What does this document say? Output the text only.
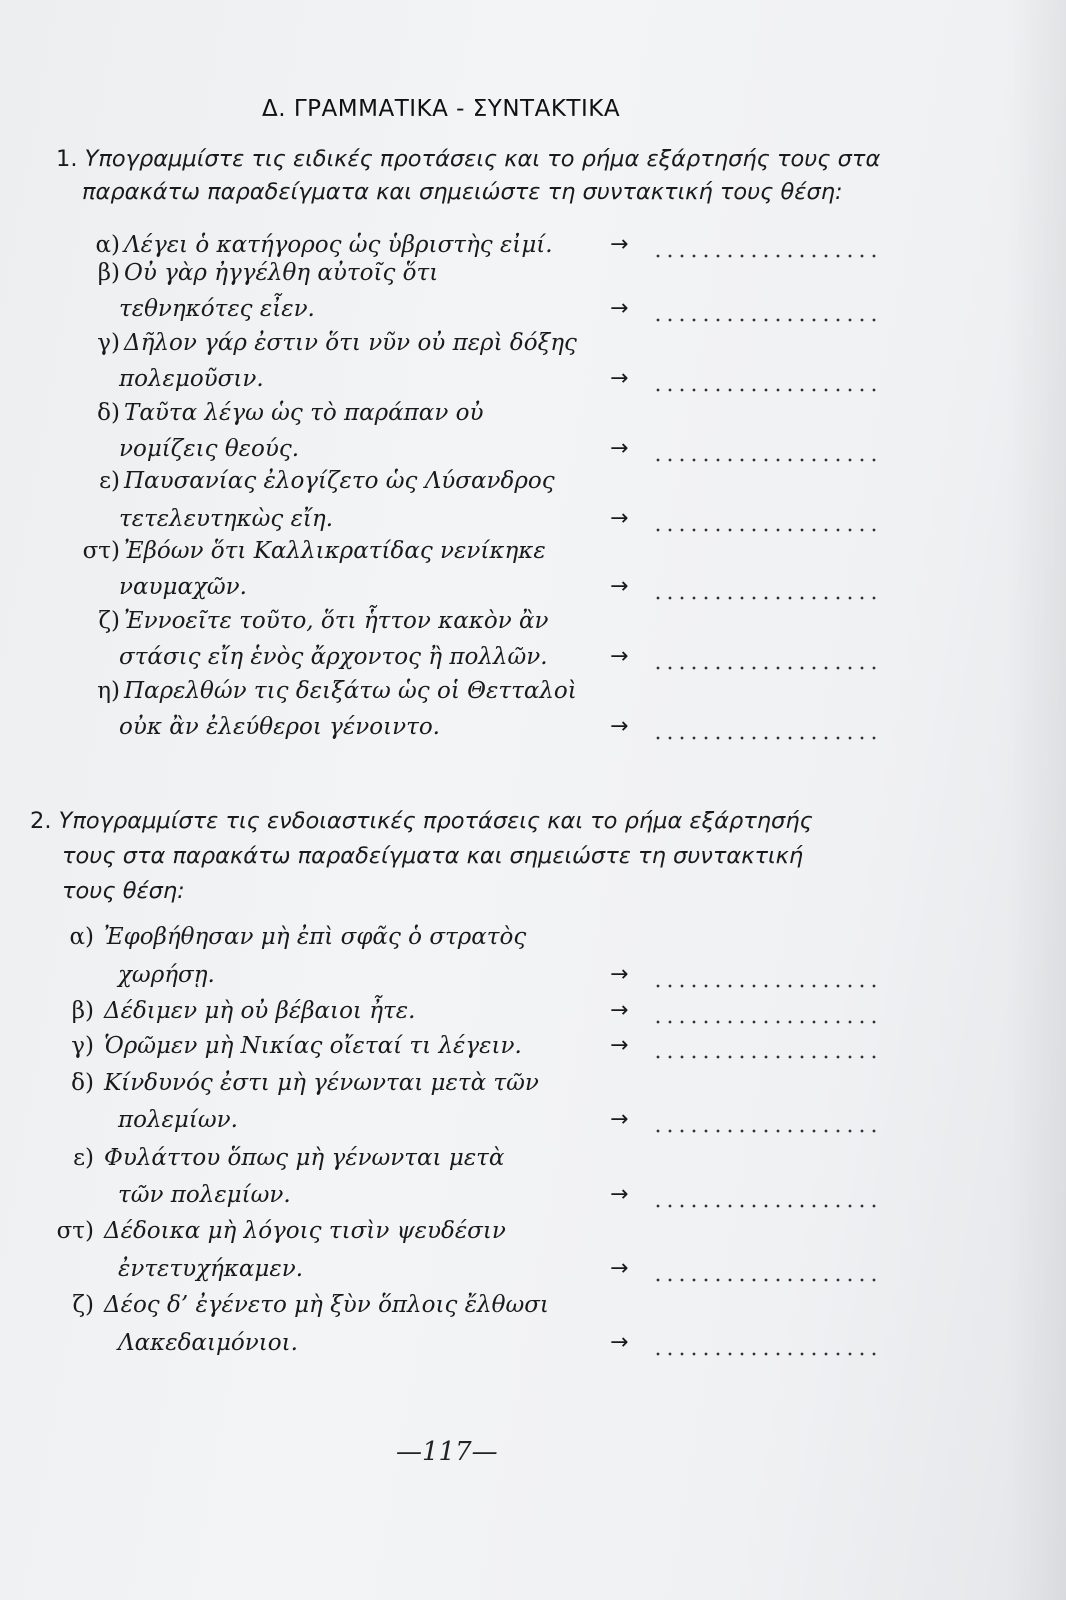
Δ. ΓΡΑΜΜΑΤΙΚΑ - ΣΥΝΤΑΚΤΙΚΑ
1. Υπογραμμίστε τις ειδικές προτάσεις και το ρήμα εξάρτησής τους στα
παρακάτω παραδείγματα και σημειώστε τη συντακτική τους θέση:
α) Λέγει ὁ κατήγορος ὡς ὑβριστὴς εἰμί.	→
β) Οὐ γὰρ ἠγγέλθη αὐτοῖς ὅτι
τεθνηκότες εἶεν.	→
γ) Δῆλον γάρ ἐστιν ὅτι νῦν οὐ περὶ δόξης
πολεμοῦσιν.	→
δ) Ταῦτα λέγω ὡς τὸ παράπαν οὐ
νομίζεις θεούς.	→
ε) Παυσανίας ἐλογίζετο ὡς Λύσανδρος
τετελευτηκὼς εἴη.	→
στ) Ἐβόων ὅτι Καλλικρατίδας νενίκηκε
ναυμαχῶν.	→
ζ) Ἐννοεῖτε τοῦτο, ὅτι ἧττον κακὸν ἂν
στάσις εἴη ἑνὸς ἄρχοντος ἢ πολλῶν.	→
η) Παρελθών τις δειξάτω ὡς οἱ Θετταλοὶ
οὐκ ἂν ἐλεύθεροι γένοιντο.	→
2. Υπογραμμίστε τις ενδοιαστικές προτάσεις και το ρήμα εξάρτησής
τους στα παρακάτω παραδείγματα και σημειώστε τη συντακτική
τους θέση:
α) Ἐφοβήθησαν μὴ ἐπὶ σφᾶς ὁ στρατὸς
χωρήσῃ.	→
β) Δέδιμεν μὴ οὐ βέβαιοι ἦτε.	→
γ) Ὁρῶμεν μὴ Νικίας οἴεταί τι λέγειν.	→
δ) Κίνδυνός ἐστι μὴ γένωνται μετὰ τῶν
πολεμίων.	→
ε) Φυλάττου ὅπως μὴ γένωνται μετὰ
τῶν πολεμίων.	→
στ) Δέδοικα μὴ λόγοις τισὶν ψευδέσιν
ἐντετυχήκαμεν.	→
ζ) Δέος δ’ ἐγένετο μὴ ξὺν ὅπλοις ἔλθωσι
Λακεδαιμόνιοι.	→
—117—
